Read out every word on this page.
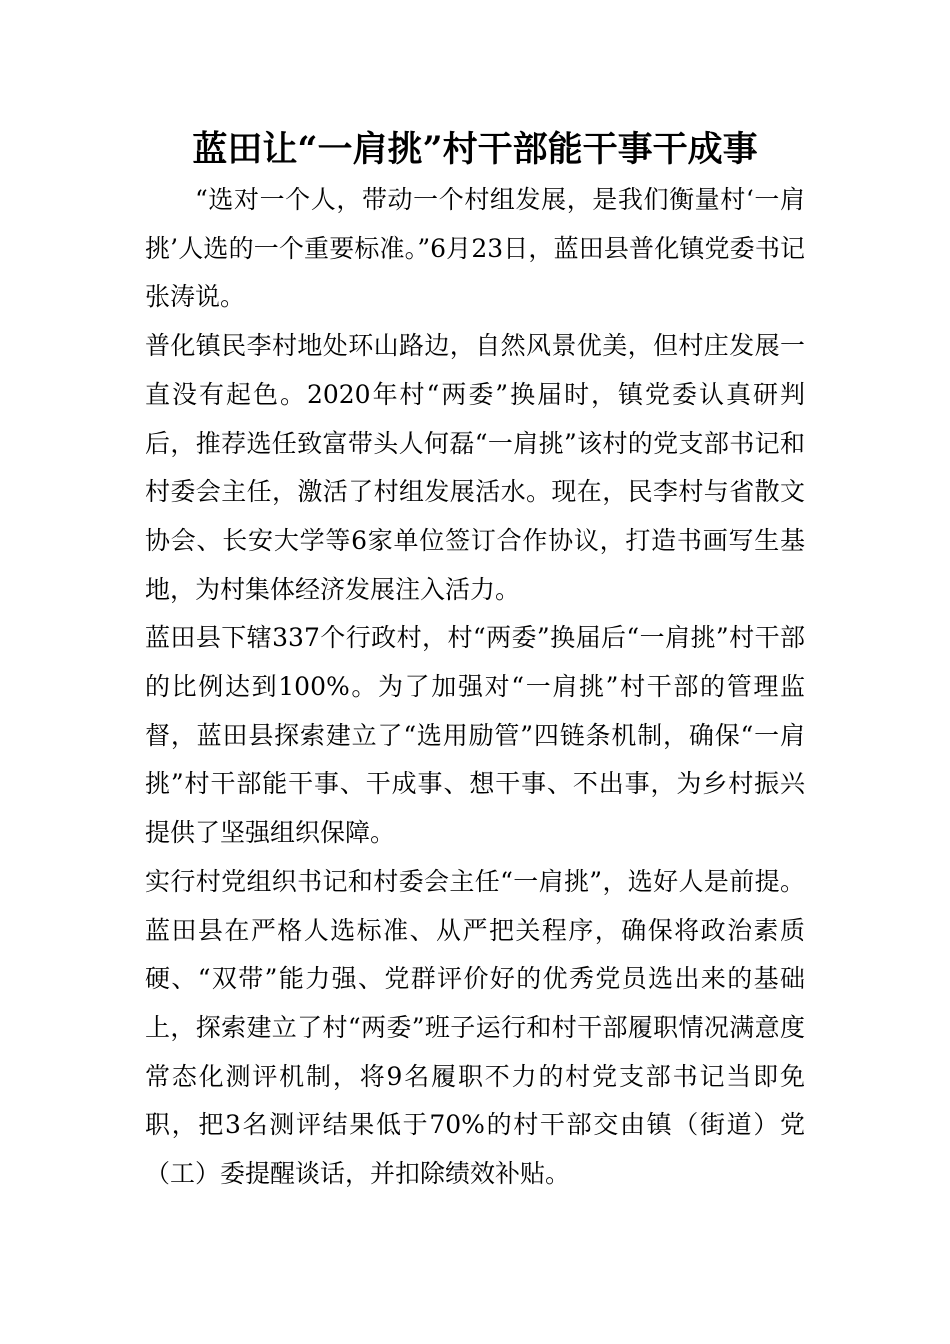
蓝田让“一肩挑”村干部能干事干成事

“选对一个人，带动一个村组发展，是我们衡量村‘一肩挑’人选的一个重要标准。”6月23日，蓝田县普化镇党委书记张涛说。

普化镇民李村地处环山路边，自然风景优美，但村庄发展一直没有起色。2020年村“两委”换届时，镇党委认真研判后，推荐选任致富带头人何磊“一肩挑”该村的党支部书记和村委会主任，激活了村组发展活水。现在，民李村与省散文协会、长安大学等6家单位签订合作协议，打造书画写生基地，为村集体经济发展注入活力。

蓝田县下辖337个行政村，村“两委”换届后“一肩挑”村干部的比例达到100%。为了加强对“一肩挑”村干部的管理监督，蓝田县探索建立了“选用励管”四链条机制，确保“一肩挑”村干部能干事、干成事、想干事、不出事，为乡村振兴提供了坚强组织保障。

实行村党组织书记和村委会主任“一肩挑”，选好人是前提。蓝田县在严格人选标准、从严把关程序，确保将政治素质硬、“双带”能力强、党群评价好的优秀党员选出来的基础上，探索建立了村“两委”班子运行和村干部履职情况满意度常态化测评机制，将9名履职不力的村党支部书记当即免职，把3名测评结果低于70%的村干部交由镇（街道）党（工）委提醒谈话，并扣除绩效补贴。
